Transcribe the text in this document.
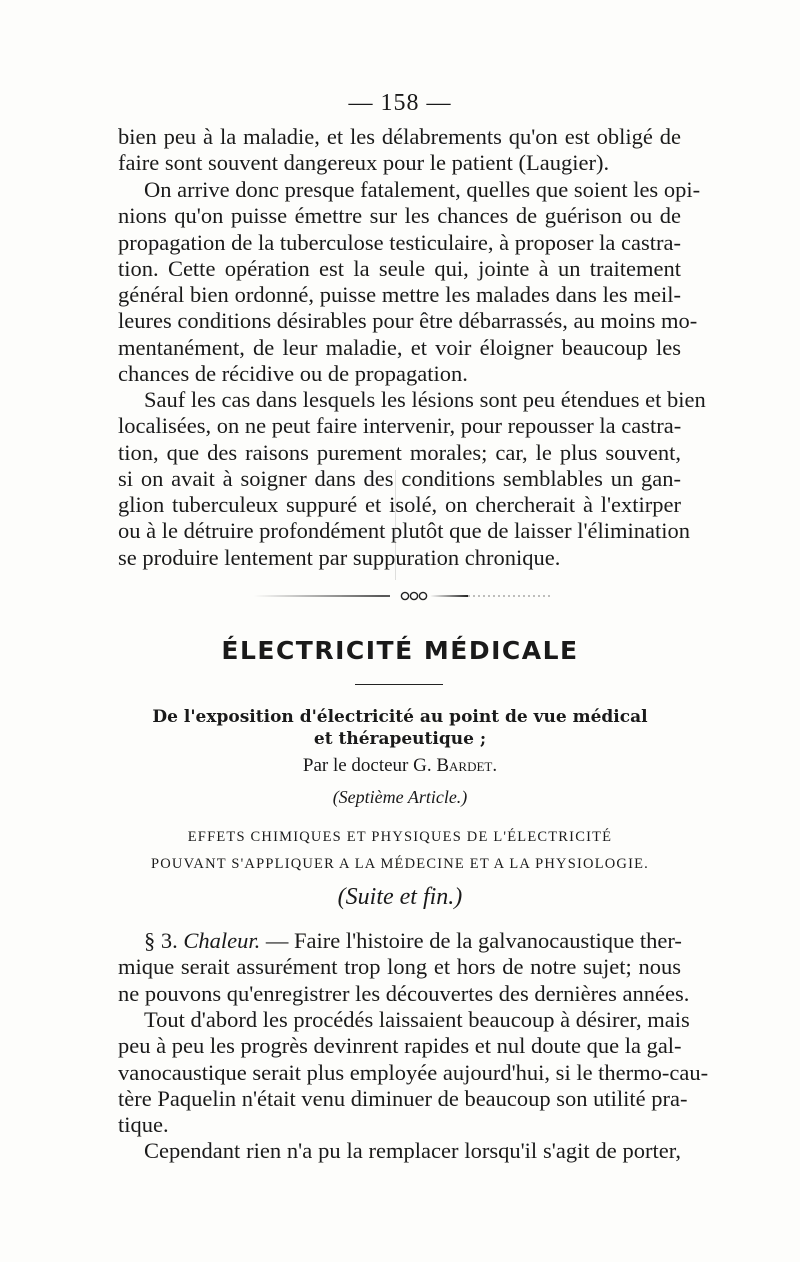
— 158 —
bien peu à la maladie, et les délabrements qu'on est obligé de
faire sont souvent dangereux pour le patient (Laugier).
On arrive donc presque fatalement, quelles que soient les opi-
nions qu'on puisse émettre sur les chances de guérison ou de
propagation de la tuberculose testiculaire, à proposer la castra-
tion. Cette opération est la seule qui, jointe à un traitement
général bien ordonné, puisse mettre les malades dans les meil-
leures conditions désirables pour être débarrassés, au moins mo-
mentanément, de leur maladie, et voir éloigner beaucoup les
chances de récidive ou de propagation.
Sauf les cas dans lesquels les lésions sont peu étendues et bien
localisées, on ne peut faire intervenir, pour repousser la castra-
tion, que des raisons purement morales; car, le plus souvent,
si on avait à soigner dans des conditions semblables un gan-
glion tuberculeux suppuré et isolé, on chercherait à l'extirper
ou à le détruire profondément plutôt que de laisser l'élimination
se produire lentement par suppuration chronique.
ÉLECTRICITÉ MÉDICALE
De l'exposition d'électricité au point de vue médical
et thérapeutique ;
Par le docteur G. Bardet.
(Septième Article.)
EFFETS CHIMIQUES ET PHYSIQUES DE L'ÉLECTRICITÉ
POUVANT S'APPLIQUER A LA MÉDECINE ET A LA PHYSIOLOGIE.
(Suite et fin.)
§ 3. Chaleur. — Faire l'histoire de la galvanocaustique ther-
mique serait assurément trop long et hors de notre sujet; nous
ne pouvons qu'enregistrer les découvertes des dernières années.
Tout d'abord les procédés laissaient beaucoup à désirer, mais
peu à peu les progrès devinrent rapides et nul doute que la gal-
vanocaustique serait plus employée aujourd'hui, si le thermo-cau-
tère Paquelin n'était venu diminuer de beaucoup son utilité pra-
tique.
Cependant rien n'a pu la remplacer lorsqu'il s'agit de porter,
